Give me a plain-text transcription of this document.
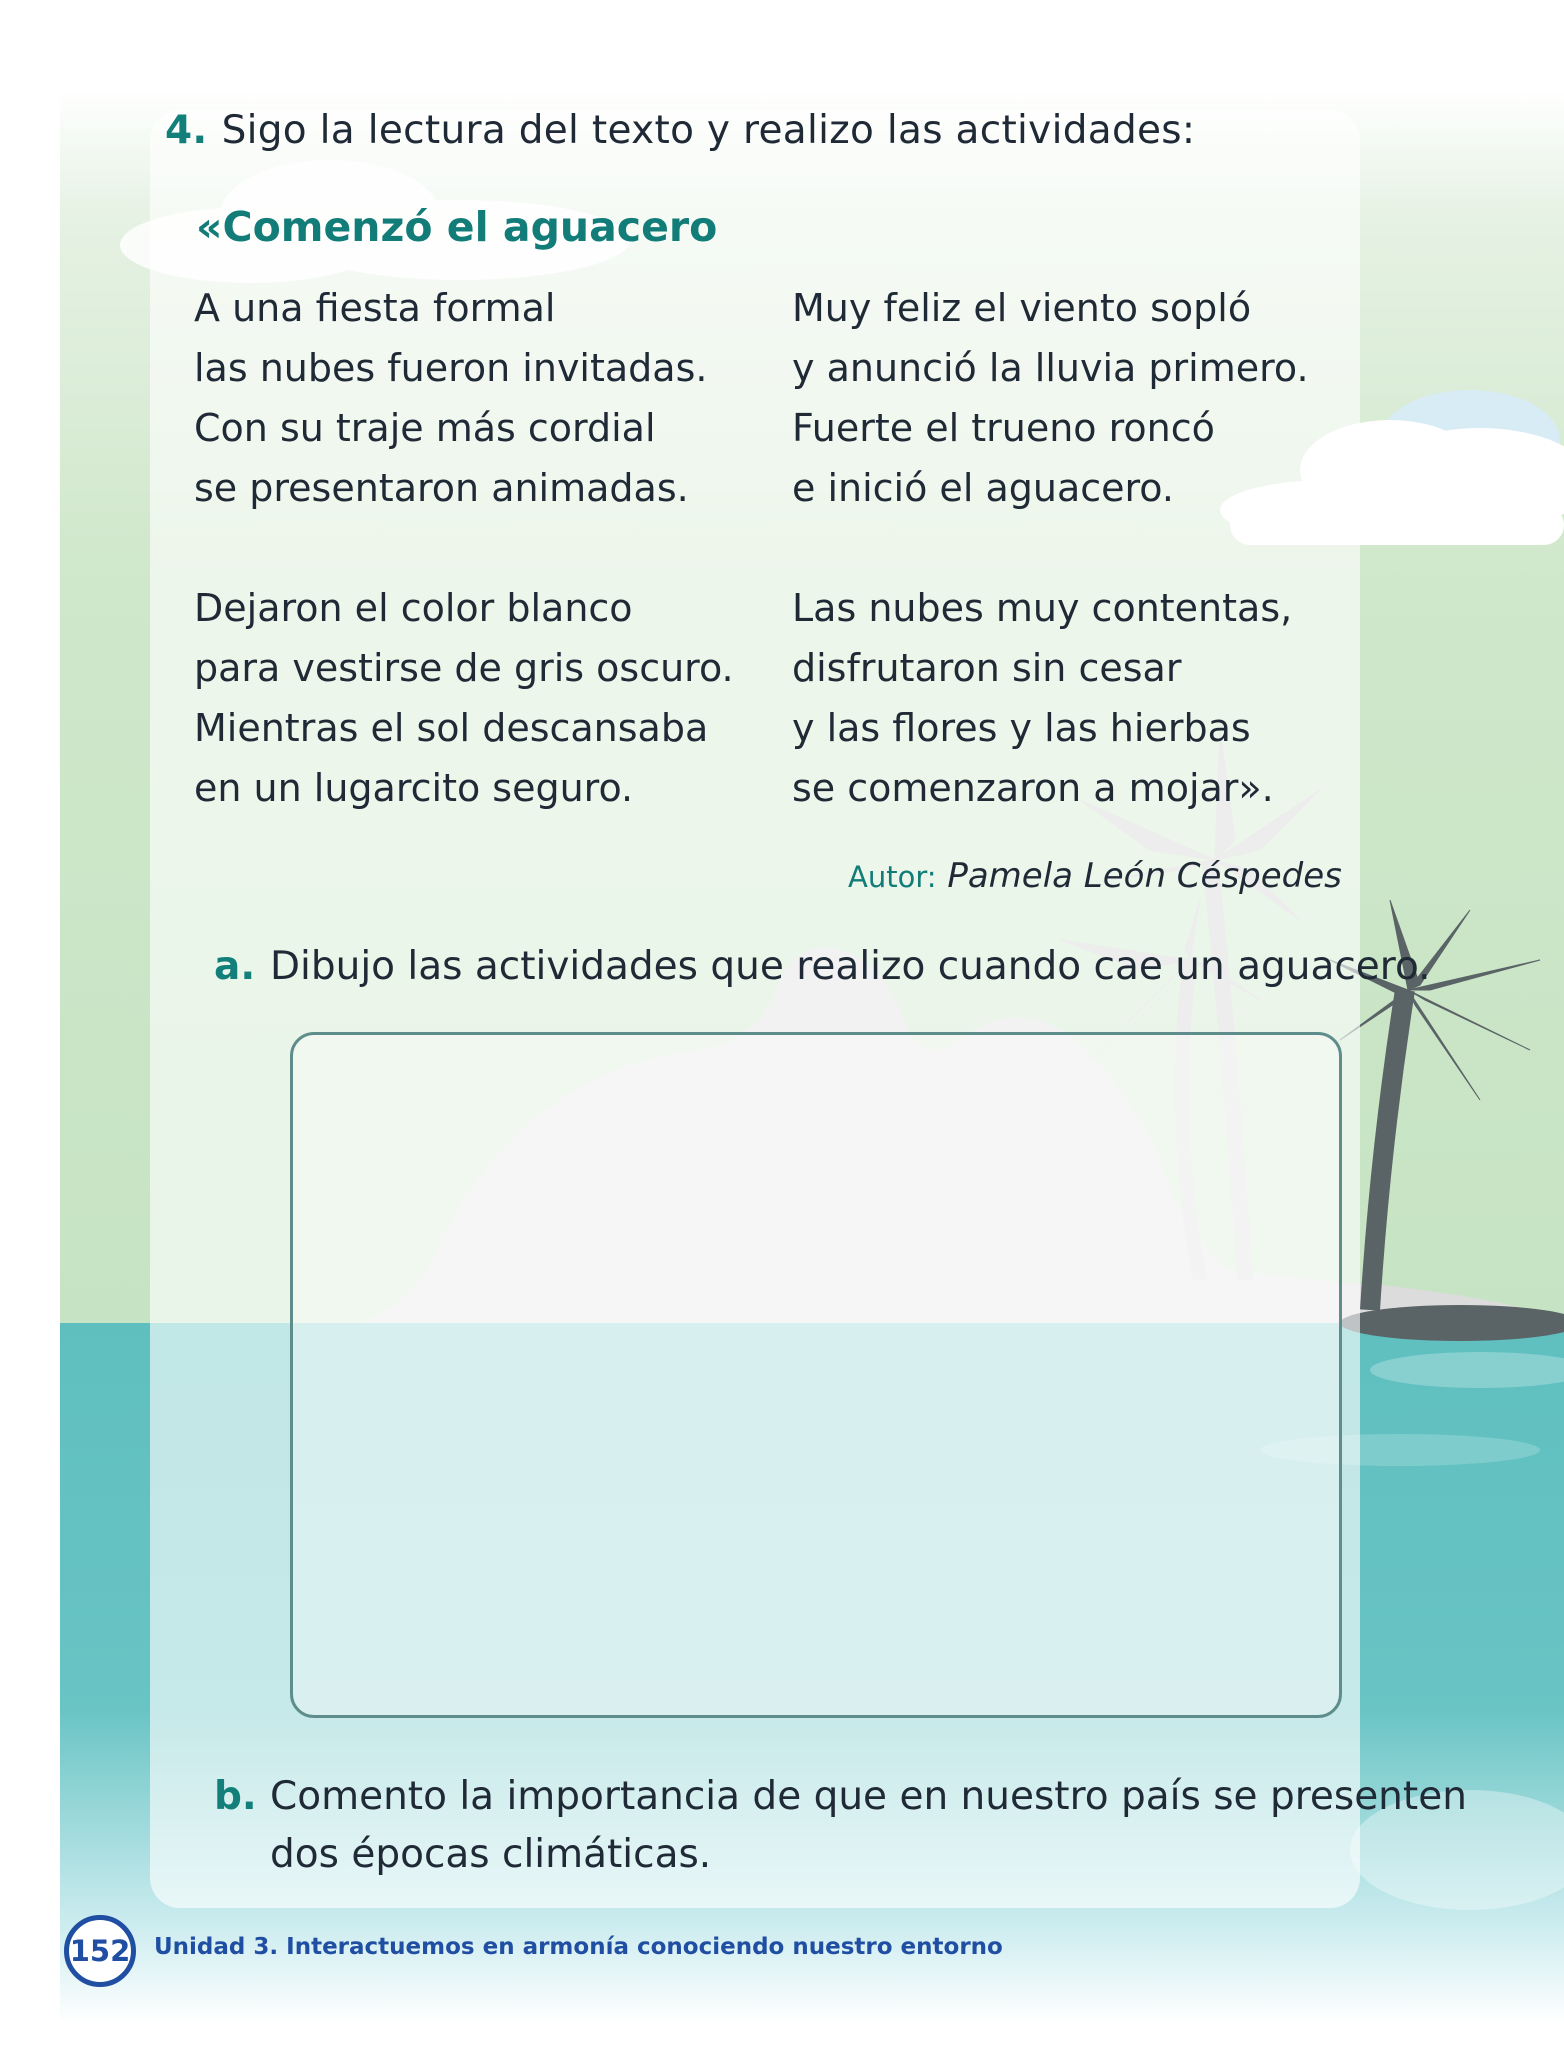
4. Sigo la lectura del texto y realizo las actividades:
«Comenzó el aguacero
A una fiesta formal
las nubes fueron invitadas.
Con su traje más cordial
se presentaron animadas.
Dejaron el color blanco
para vestirse de gris oscuro.
Mientras el sol descansaba
en un lugarcito seguro.
Muy feliz el viento sopló
y anunció la lluvia primero.
Fuerte el trueno roncó
e inició el aguacero.
Las nubes muy contentas,
disfrutaron sin cesar
y las flores y las hierbas
se comenzaron a mojar».
Autor: Pamela León Céspedes
a. Dibujo las actividades que realizo cuando cae un aguacero.
b. Comento la importancia de que en nuestro país se presenten
dos épocas climáticas.
152 Unidad 3. Interactuemos en armonía conociendo nuestro entorno
